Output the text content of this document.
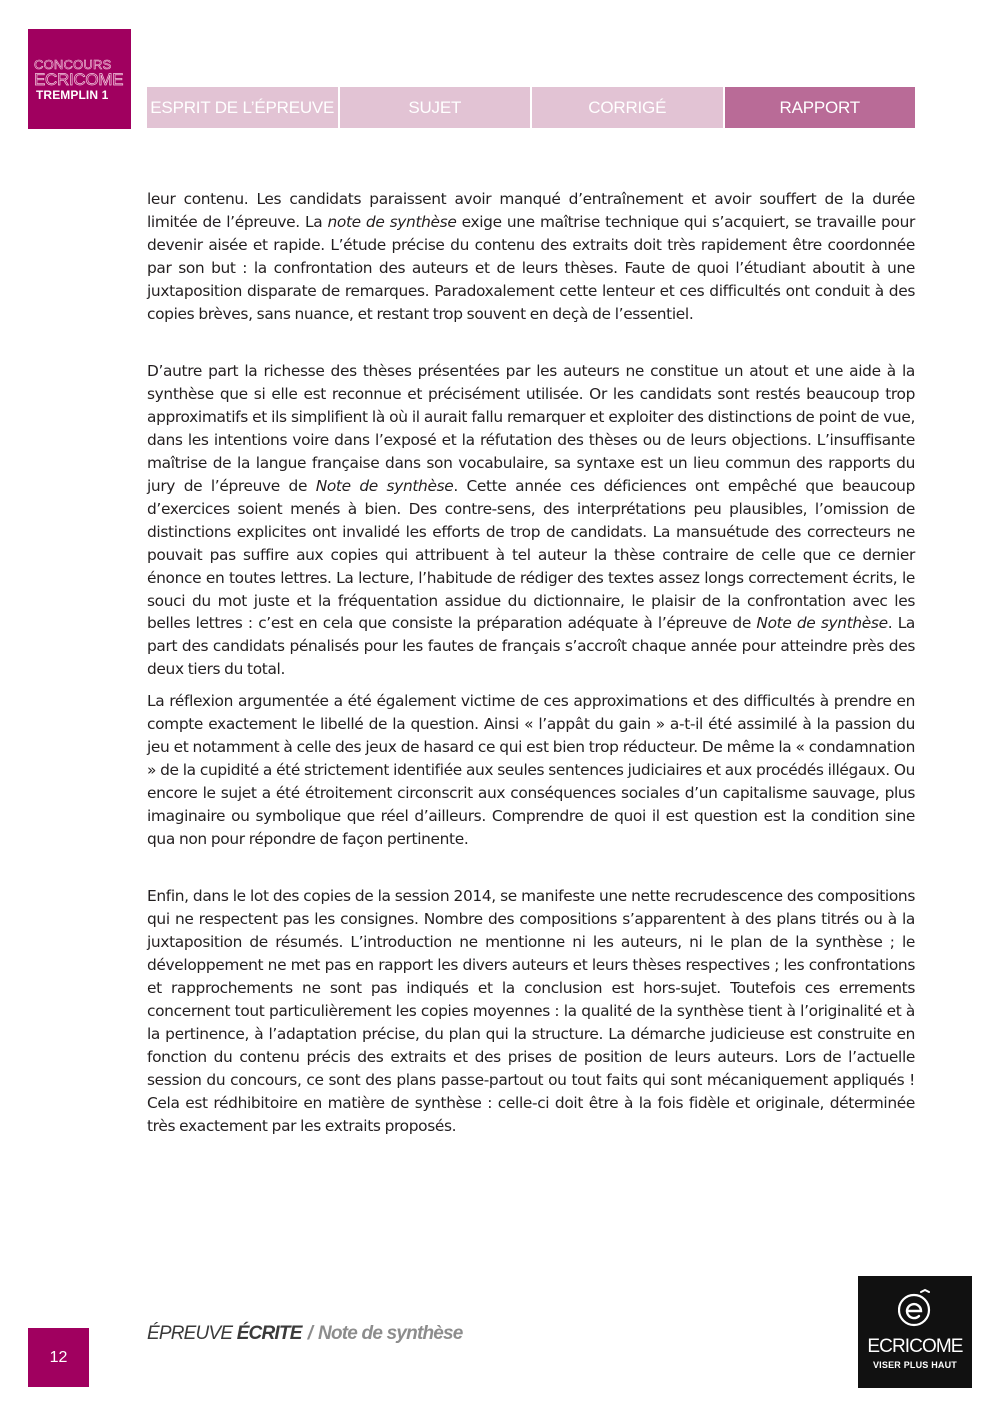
CONCOURS
ECRICOME
TREMPLIN 1
ESPRIT DE L’ÉPREUVE	SUJET	CORRIGÉ	RAPPORT

leur contenu. Les candidats paraissent avoir manqué d’entraînement et avoir souffert de la durée limitée de l’épreuve. La note de synthèse exige une maîtrise technique qui s’acquiert, se travaille pour devenir aisée et rapide. L’étude précise du contenu des extraits doit très rapidement être coordonnée par son but : la confrontation des auteurs et de leurs thèses. Faute de quoi l’étudiant aboutit à une juxtaposition disparate de remarques. Paradoxalement cette lenteur et ces difficultés ont conduit à des copies brèves, sans nuance, et restant trop souvent en deçà de l’essentiel.

D’autre part la richesse des thèses présentées par les auteurs ne constitue un atout et une aide à la synthèse que si elle est reconnue et précisément utilisée. Or les candidats sont restés beaucoup trop approximatifs et ils simplifient là où il aurait fallu remarquer et exploiter des distinctions de point de vue, dans les intentions voire dans l’exposé et la réfutation des thèses ou de leurs objections. L’insuffisante maîtrise de la langue française dans son vocabulaire, sa syntaxe est un lieu commun des rapports du jury de l’épreuve de Note de synthèse. Cette année ces déficiences ont empêché que beaucoup d’exercices soient menés à bien. Des contre-sens, des interprétations peu plausibles, l’omission de distinctions explicites ont invalidé les efforts de trop de candidats. La mansuétude des correcteurs ne pouvait pas suffire aux copies qui attribuent à tel auteur la thèse contraire de celle que ce dernier énonce en toutes lettres. La lecture, l’habitude de rédiger des textes assez longs correctement écrits, le souci du mot juste et la fréquentation assidue du dictionnaire, le plaisir de la confrontation avec les belles lettres : c’est en cela que consiste la préparation adéquate à l’épreuve de Note de synthèse. La part des candidats pénalisés pour les fautes de français s’accroît chaque année pour atteindre près des deux tiers du total.

La réflexion argumentée a été également victime de ces approximations et des difficultés à prendre en compte exactement le libellé de la question. Ainsi « l’appât du gain » a-t-il été assimilé à la passion du jeu et notamment à celle des jeux de hasard ce qui est bien trop réducteur. De même la « condamnation » de la cupidité a été strictement identifiée aux seules sentences judiciaires et aux procédés illégaux. Ou encore le sujet a été étroitement circonscrit aux conséquences sociales d’un capitalisme sauvage, plus imaginaire ou symbolique que réel d’ailleurs. Comprendre de quoi il est question est la condition sine qua non pour répondre de façon pertinente.

Enfin, dans le lot des copies de la session 2014, se manifeste une nette recrudescence des compositions qui ne respectent pas les consignes. Nombre des compositions s’apparentent à des plans titrés ou à la juxtaposition de résumés. L’introduction ne mentionne ni les auteurs, ni le plan de la synthèse ; le développement ne met pas en rapport les divers auteurs et leurs thèses respectives ; les confrontations et rapprochements ne sont pas indiqués et la conclusion est hors-sujet. Toutefois ces errements concernent tout particulièrement les copies moyennes : la qualité de la synthèse tient à l’originalité et à la pertinence, à l’adaptation précise, du plan qui la structure. La démarche judicieuse est construite en fonction du contenu précis des extraits et des prises de position de leurs auteurs. Lors de l’actuelle session du concours, ce sont des plans passe-partout ou tout faits qui sont mécaniquement appliqués ! Cela est rédhibitoire en matière de synthèse : celle-ci doit être à la fois fidèle et originale, déterminée très exactement par les extraits proposés.

12
ÉPREUVE ÉCRITE / Note de synthèse
ECRICOME
VISER PLUS HAUT
